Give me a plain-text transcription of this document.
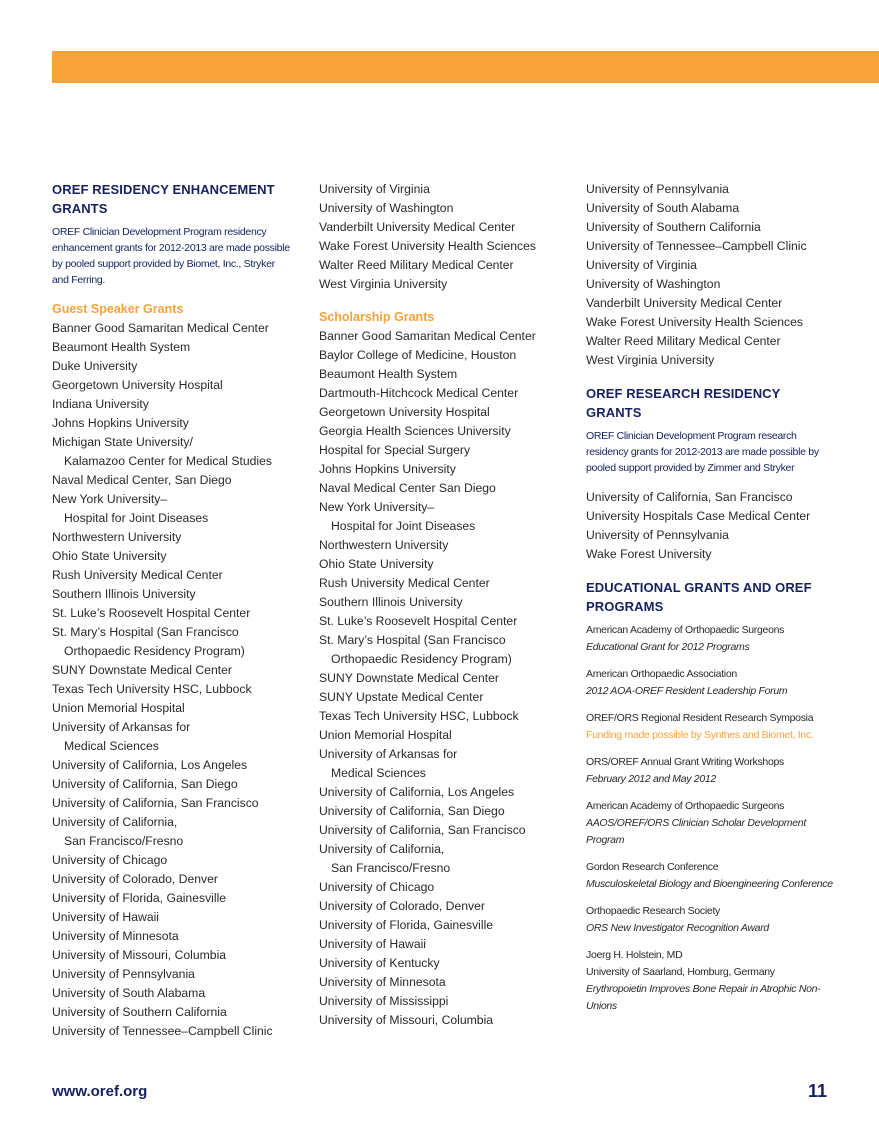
OREF RESIDENCY ENHANCEMENT GRANTS
OREF Clinician Development Program residency enhancement grants for 2012-2013 are made possible by pooled support provided by Biomet, Inc., Stryker and Ferring.
Guest Speaker Grants
Banner Good Samaritan Medical Center
Beaumont Health System
Duke University
Georgetown University Hospital
Indiana University
Johns Hopkins University
Michigan State University/
Kalamazoo Center for Medical Studies
Naval Medical Center, San Diego
New York University–
Hospital for Joint Diseases
Northwestern University
Ohio State University
Rush University Medical Center
Southern Illinois University
St. Luke’s Roosevelt Hospital Center
St. Mary’s Hospital (San Francisco
Orthopaedic Residency Program)
SUNY Downstate Medical Center
Texas Tech University HSC, Lubbock
Union Memorial Hospital
University of Arkansas for
Medical Sciences
University of California, Los Angeles
University of California, San Diego
University of California, San Francisco
University of California,
San Francisco/Fresno
University of Chicago
University of Colorado, Denver
University of Florida, Gainesville
University of Hawaii
University of Minnesota
University of Missouri, Columbia
University of Pennsylvania
University of South Alabama
University of Southern California
University of Tennessee–Campbell Clinic
University of Virginia
University of Washington
Vanderbilt University Medical Center
Wake Forest University Health Sciences
Walter Reed Military Medical Center
West Virginia University
Scholarship Grants
Banner Good Samaritan Medical Center
Baylor College of Medicine, Houston
Beaumont Health System
Dartmouth-Hitchcock Medical Center
Georgetown University Hospital
Georgia Health Sciences University
Hospital for Special Surgery
Johns Hopkins University
Naval Medical Center San Diego
New York University–
Hospital for Joint Diseases
Northwestern University
Ohio State University
Rush University Medical Center
Southern Illinois University
St. Luke’s Roosevelt Hospital Center
St. Mary’s Hospital (San Francisco
Orthopaedic Residency Program)
SUNY Downstate Medical Center
SUNY Upstate Medical Center
Texas Tech University HSC, Lubbock
Union Memorial Hospital
University of Arkansas for
Medical Sciences
University of California, Los Angeles
University of California, San Diego
University of California, San Francisco
University of California,
San Francisco/Fresno
University of Chicago
University of Colorado, Denver
University of Florida, Gainesville
University of Hawaii
University of Kentucky
University of Minnesota
University of Mississippi
University of Missouri, Columbia
University of Pennsylvania
University of South Alabama
University of Southern California
University of Tennessee–Campbell Clinic
University of Virginia
University of Washington
Vanderbilt University Medical Center
Wake Forest University Health Sciences
Walter Reed Military Medical Center
West Virginia University
OREF RESEARCH RESIDENCY GRANTS
OREF Clinician Development Program research residency grants for 2012-2013 are made possible by pooled support provided by Zimmer and Stryker
University of California, San Francisco
University Hospitals Case Medical Center
University of Pennsylvania
Wake Forest University
EDUCATIONAL GRANTS AND OREF PROGRAMS
American Academy of Orthopaedic Surgeons
Educational Grant for 2012 Programs
American Orthopaedic Association
2012 AOA-OREF Resident Leadership Forum
OREF/ORS Regional Resident Research Symposia
Funding made possible by Synthes and Biomet, Inc.
ORS/OREF Annual Grant Writing Workshops
February 2012 and May 2012
American Academy of Orthopaedic Surgeons
AAOS/OREF/ORS Clinician Scholar Development Program
Gordon Research Conference
Musculoskeletal Biology and Bioengineering Conference
Orthopaedic Research Society
ORS New Investigator Recognition Award
Joerg H. Holstein, MD
University of Saarland, Homburg, Germany
Erythropoietin Improves Bone Repair in Atrophic Non-Unions
www.oref.org	11
